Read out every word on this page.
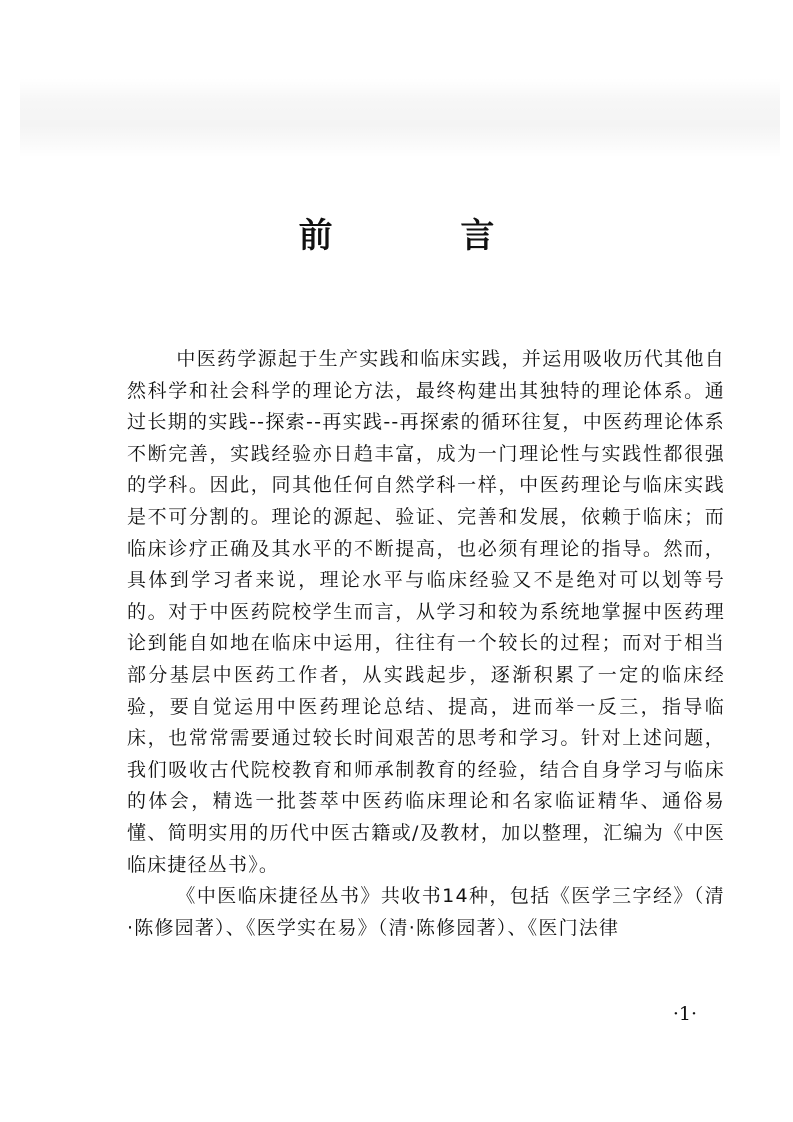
前 言

中医药学源起于生产实践和临床实践，并运用吸收历代其他自然科学和社会科学的理论方法，最终构建出其独特的理论体系。通过长期的实践--探索--再实践--再探索的循环往复，中医药理论体系不断完善，实践经验亦日趋丰富，成为一门理论性与实践性都很强的学科。因此，同其他任何自然学科一样，中医药理论与临床实践是不可分割的。理论的源起、验证、完善和发展，依赖于临床；而临床诊疗正确及其水平的不断提高，也必须有理论的指导。然而，具体到学习者来说，理论水平与临床经验又不是绝对可以划等号的。对于中医药院校学生而言，从学习和较为系统地掌握中医药理论到能自如地在临床中运用，往往有一个较长的过程；而对于相当部分基层中医药工作者，从实践起步，逐渐积累了一定的临床经验，要自觉运用中医药理论总结、提高，进而举一反三，指导临床，也常常需要通过较长时间艰苦的思考和学习。针对上述问题，我们吸收古代院校教育和师承制教育的经验，结合自身学习与临床的体会，精选一批荟萃中医药临床理论和名家临证精华、通俗易懂、简明实用的历代中医古籍或/及教材，加以整理，汇编为《中医临床捷径丛书》。

《中医临床捷径丛书》共收书14种，包括《医学三字经》（清·陈修园著）、《医学实在易》（清·陈修园著）、《医门法律

·1·
